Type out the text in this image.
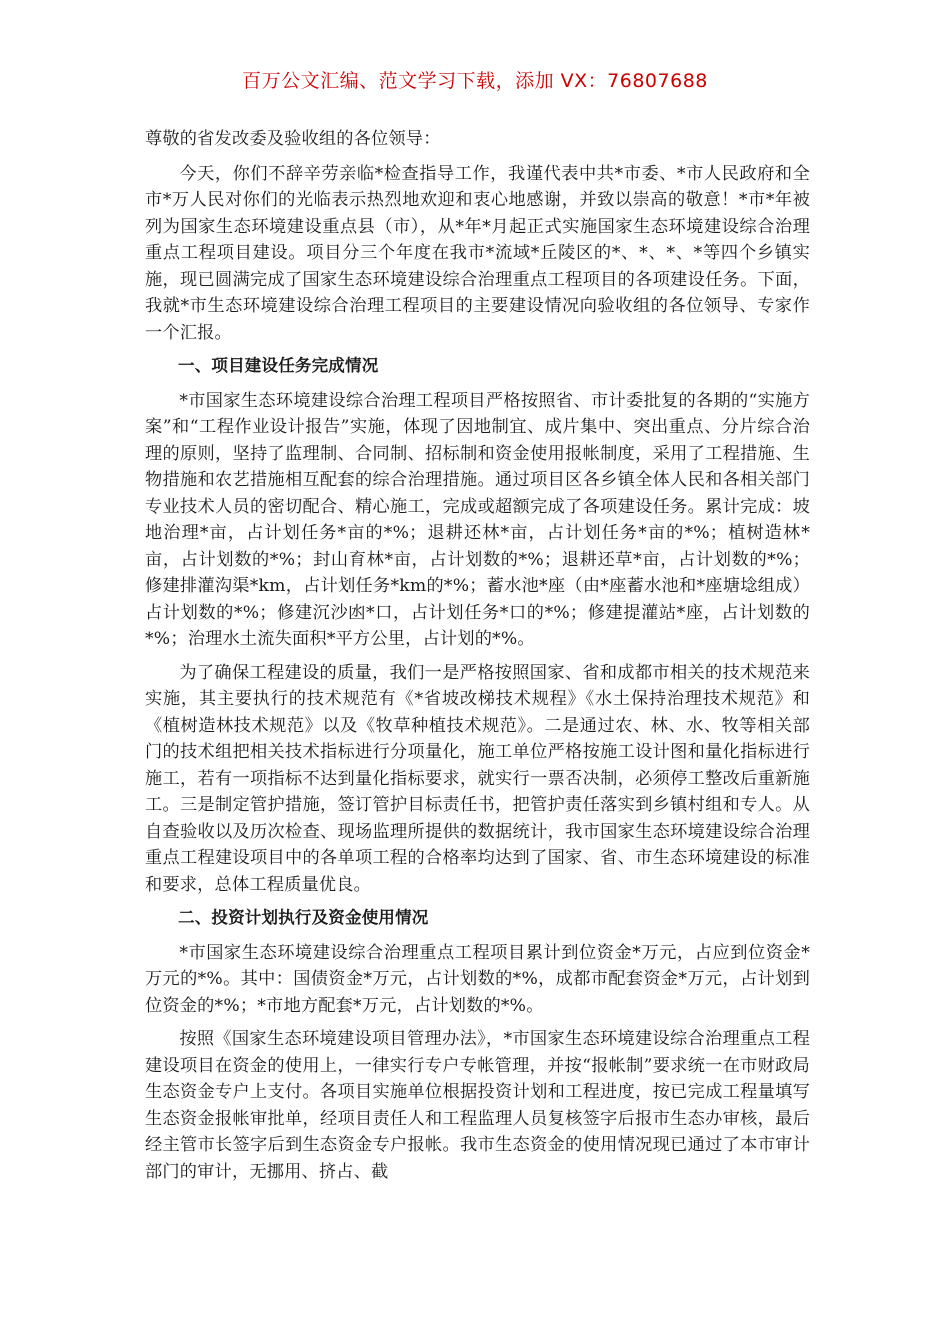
百万公文汇编、范文学习下载，添加 VX：76807688

尊敬的省发改委及验收组的各位领导：

今天，你们不辞辛劳亲临*检查指导工作，我谨代表中共*市委、*市人民政府和全市*万人民对你们的光临表示热烈地欢迎和衷心地感谢，并致以崇高的敬意！*市*年被列为国家生态环境建设重点县（市），从*年*月起正式实施国家生态环境建设综合治理重点工程项目建设。项目分三个年度在我市*流域*丘陵区的*、*、*、*等四个乡镇实施，现已圆满完成了国家生态环境建设综合治理重点工程项目的各项建设任务。下面，我就*市生态环境建设综合治理工程项目的主要建设情况向验收组的各位领导、专家作一个汇报。

一、项目建设任务完成情况

*市国家生态环境建设综合治理工程项目严格按照省、市计委批复的各期的“实施方案”和“工程作业设计报告”实施，体现了因地制宜、成片集中、突出重点、分片综合治理的原则，坚持了监理制、合同制、招标制和资金使用报帐制度，采用了工程措施、生物措施和农艺措施相互配套的综合治理措施。通过项目区各乡镇全体人民和各相关部门专业技术人员的密切配合、精心施工，完成或超额完成了各项建设任务。累计完成：坡地治理*亩，占计划任务*亩的*%；退耕还林*亩，占计划任务*亩的*%；植树造林*亩，占计划数的*%；封山育林*亩，占计划数的*%；退耕还草*亩，占计划数的*%；修建排灌沟渠*km，占计划任务*km的*%；蓄水池*座（由*座蓄水池和*座塘埝组成）占计划数的*%；修建沉沙凼*口，占计划任务*口的*%；修建提灌站*座，占计划数的*%；治理水土流失面积*平方公里，占计划的*%。

为了确保工程建设的质量，我们一是严格按照国家、省和成都市相关的技术规范来实施，其主要执行的技术规范有《*省坡改梯技术规程》《水土保持治理技术规范》和《植树造林技术规范》以及《牧草种植技术规范》。二是通过农、林、水、牧等相关部门的技术组把相关技术指标进行分项量化，施工单位严格按施工设计图和量化指标进行施工，若有一项指标不达到量化指标要求，就实行一票否决制，必须停工整改后重新施工。三是制定管护措施，签订管护目标责任书，把管护责任落实到乡镇村组和专人。从自查验收以及历次检查、现场监理所提供的数据统计，我市国家生态环境建设综合治理重点工程建设项目中的各单项工程的合格率均达到了国家、省、市生态环境建设的标准和要求，总体工程质量优良。

二、投资计划执行及资金使用情况

*市国家生态环境建设综合治理重点工程项目累计到位资金*万元，占应到位资金*万元的*%。其中：国债资金*万元，占计划数的*%，成都市配套资金*万元，占计划到位资金的*%；*市地方配套*万元，占计划数的*%。

按照《国家生态环境建设项目管理办法》，*市国家生态环境建设综合治理重点工程建设项目在资金的使用上，一律实行专户专帐管理，并按“报帐制”要求统一在市财政局生态资金专户上支付。各项目实施单位根据投资计划和工程进度，按已完成工程量填写生态资金报帐审批单，经项目责任人和工程监理人员复核签字后报市生态办审核，最后经主管市长签字后到生态资金专户报帐。我市生态资金的使用情况现已通过了本市审计部门的审计，无挪用、挤占、截
